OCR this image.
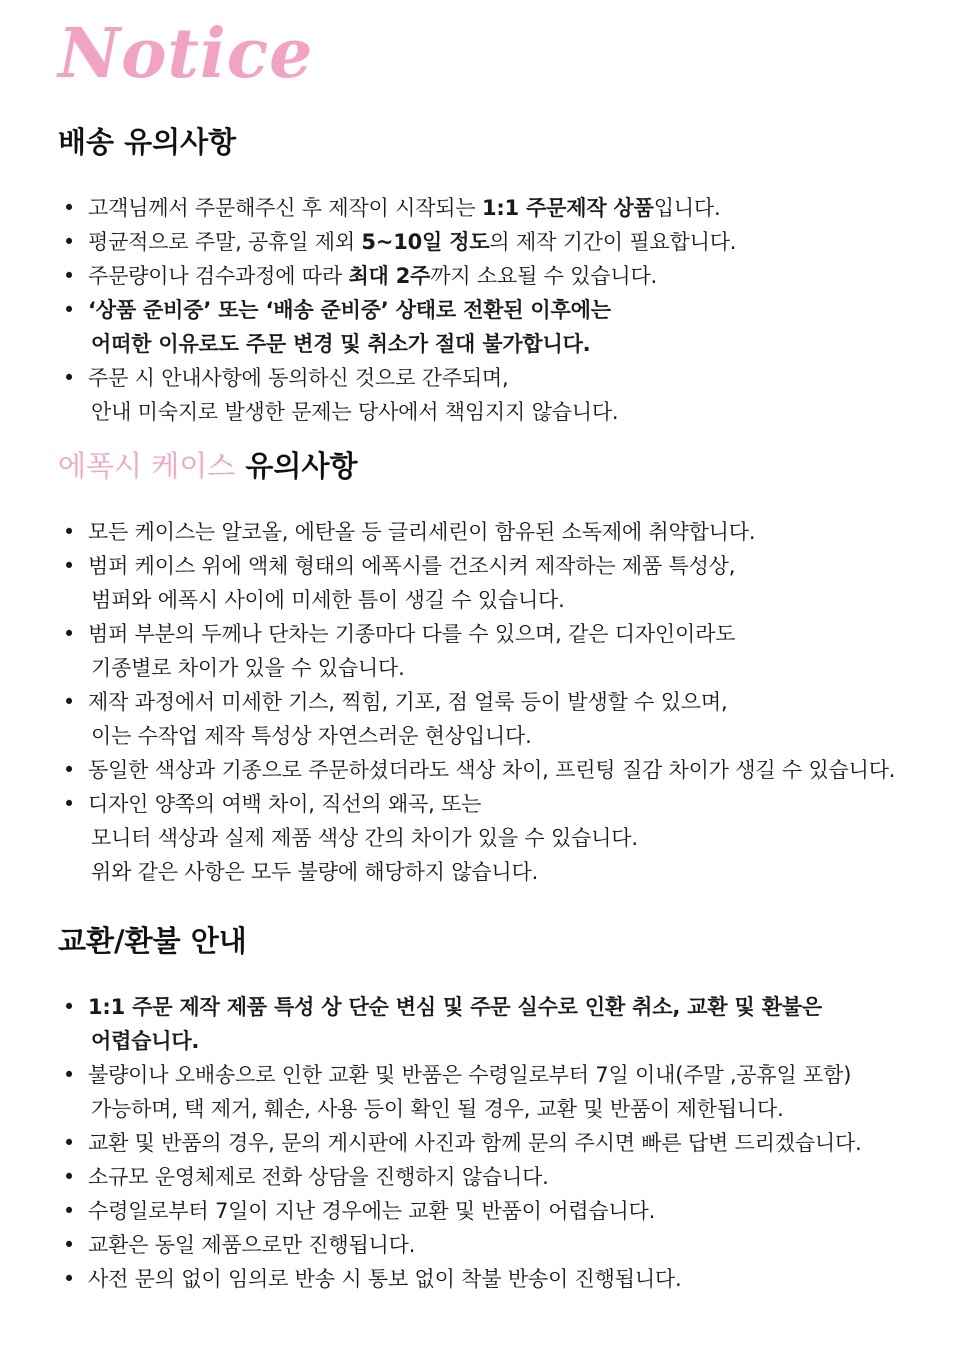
Notice
배송 유의사항
• 고객님께서 주문해주신 후 제작이 시작되는 1:1 주문제작 상품입니다.
• 평균적으로 주말, 공휴일 제외 5~10일 정도의 제작 기간이 필요합니다.
• 주문량이나 검수과정에 따라 최대 2주까지 소요될 수 있습니다.
• ‘상품 준비중’ 또는 ‘배송 준비중’ 상태로 전환된 이후에는
어떠한 이유로도 주문 변경 및 취소가 절대 불가합니다.
• 주문 시 안내사항에 동의하신 것으로 간주되며,
안내 미숙지로 발생한 문제는 당사에서 책임지지 않습니다.
에폭시 케이스 유의사항
• 모든 케이스는 알코올, 에탄올 등 글리세린이 함유된 소독제에 취약합니다.
• 범퍼 케이스 위에 액체 형태의 에폭시를 건조시켜 제작하는 제품 특성상,
범퍼와 에폭시 사이에 미세한 틈이 생길 수 있습니다.
• 범퍼 부분의 두께나 단차는 기종마다 다를 수 있으며, 같은 디자인이라도
기종별로 차이가 있을 수 있습니다.
• 제작 과정에서 미세한 기스, 찍힘, 기포, 점 얼룩 등이 발생할 수 있으며,
이는 수작업 제작 특성상 자연스러운 현상입니다.
• 동일한 색상과 기종으로 주문하셨더라도 색상 차이, 프린팅 질감 차이가 생길 수 있습니다.
• 디자인 양쪽의 여백 차이, 직선의 왜곡, 또는
모니터 색상과 실제 제품 색상 간의 차이가 있을 수 있습니다.
위와 같은 사항은 모두 불량에 해당하지 않습니다.
교환/환불 안내
• 1:1 주문 제작 제품 특성 상 단순 변심 및 주문 실수로 인환 취소, 교환 및 환불은
어렵습니다.
• 불량이나 오배송으로 인한 교환 및 반품은 수령일로부터 7일 이내(주말 ,공휴일 포함)
가능하며, 택 제거, 훼손, 사용 등이 확인 될 경우, 교환 및 반품이 제한됩니다.
• 교환 및 반품의 경우, 문의 게시판에 사진과 함께 문의 주시면 빠른 답변 드리겠습니다.
• 소규모 운영체제로 전화 상담을 진행하지 않습니다.
• 수령일로부터 7일이 지난 경우에는 교환 및 반품이 어렵습니다.
• 교환은 동일 제품으로만 진행됩니다.
• 사전 문의 없이 임의로 반송 시 통보 없이 착불 반송이 진행됩니다.
